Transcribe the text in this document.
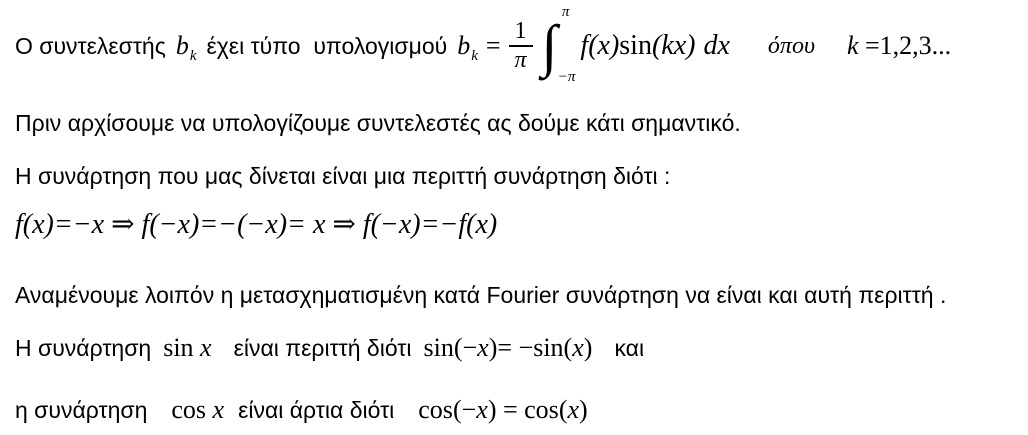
Ο συντελεστής $b_k$ έχει τύπο  υπολογισμού $b_k = \frac{1}{\pi}$ ∫
π
−π
f(x)sin(kx) dx όπου k =1,2,3...
Πριν αρχίσουμε να υπολογίζουμε συντελεστές ας δούμε κάτι σημαντικό.
Η συνάρτηση που μας δίνεται είναι μια περιττή συνάρτηση διότι :
f(x)=−x ⇒ f(−x)=−(−x)= x ⇒ f(−x)=−f(x)
Αναμένουμε λοιπόν η μετασχηματισμένη κατά Fourier συνάρτηση να είναι και αυτή περιττή .
Η συνάρτηση sin x είναι περιττή διότι sin(−x)= −sin(x) και
η συνάρτηση cos x είναι άρτια διότι cos(−x) = cos(x)
